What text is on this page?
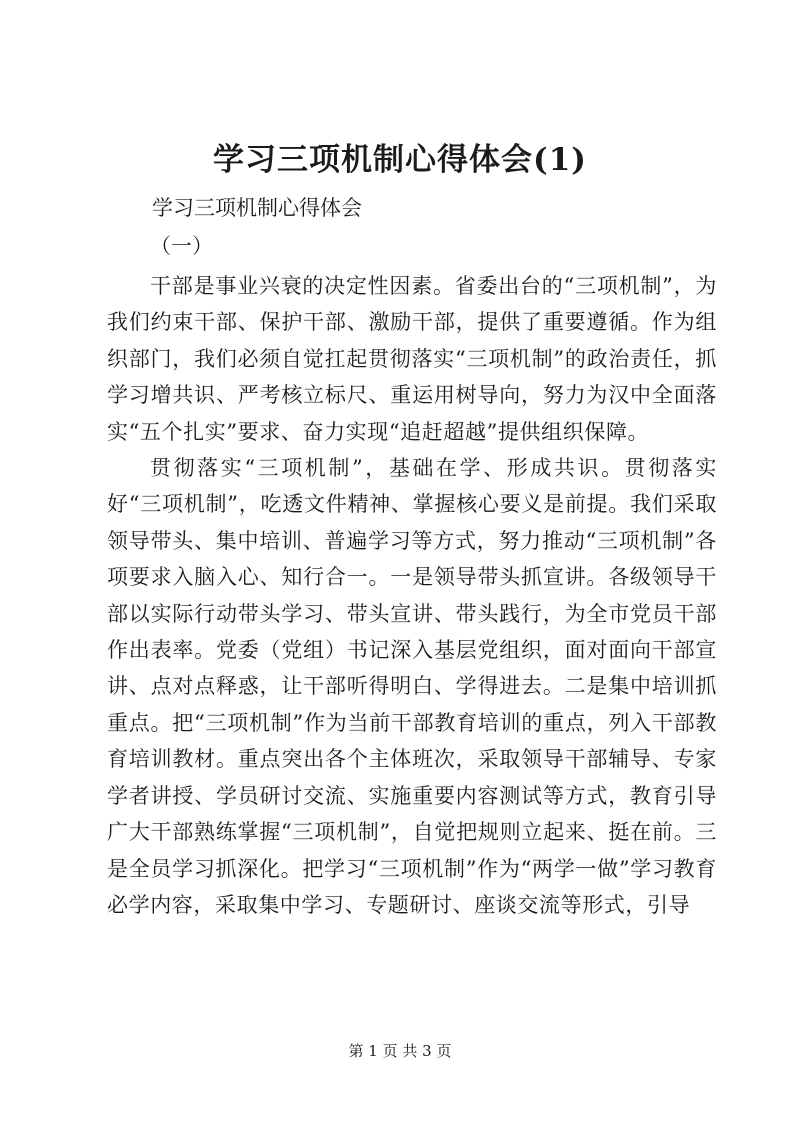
学习三项机制心得体会(1)
学习三项机制心得体会
（一）

干部是事业兴衰的决定性因素。省委出台的“三项机制”，为我们约束干部、保护干部、激励干部，提供了重要遵循。作为组织部门，我们必须自觉扛起贯彻落实“三项机制”的政治责任，抓学习增共识、严考核立标尺、重运用树导向，努力为汉中全面落实“五个扎实”要求、奋力实现“追赶超越”提供组织保障。

贯彻落实“三项机制”，基础在学、形成共识。贯彻落实好“三项机制”，吃透文件精神、掌握核心要义是前提。我们采取领导带头、集中培训、普遍学习等方式，努力推动“三项机制”各项要求入脑入心、知行合一。一是领导带头抓宣讲。各级领导干部以实际行动带头学习、带头宣讲、带头践行，为全市党员干部作出表率。党委（党组）书记深入基层党组织，面对面向干部宣讲、点对点释惑，让干部听得明白、学得进去。二是集中培训抓重点。把“三项机制”作为当前干部教育培训的重点，列入干部教育培训教材。重点突出各个主体班次，采取领导干部辅导、专家学者讲授、学员研讨交流、实施重要内容测试等方式，教育引导广大干部熟练掌握“三项机制”，自觉把规则立起来、挺在前。三是全员学习抓深化。把学习“三项机制”作为“两学一做”学习教育必学内容，采取集中学习、专题研讨、座谈交流等形式，引导

第 1 页 共 3 页
